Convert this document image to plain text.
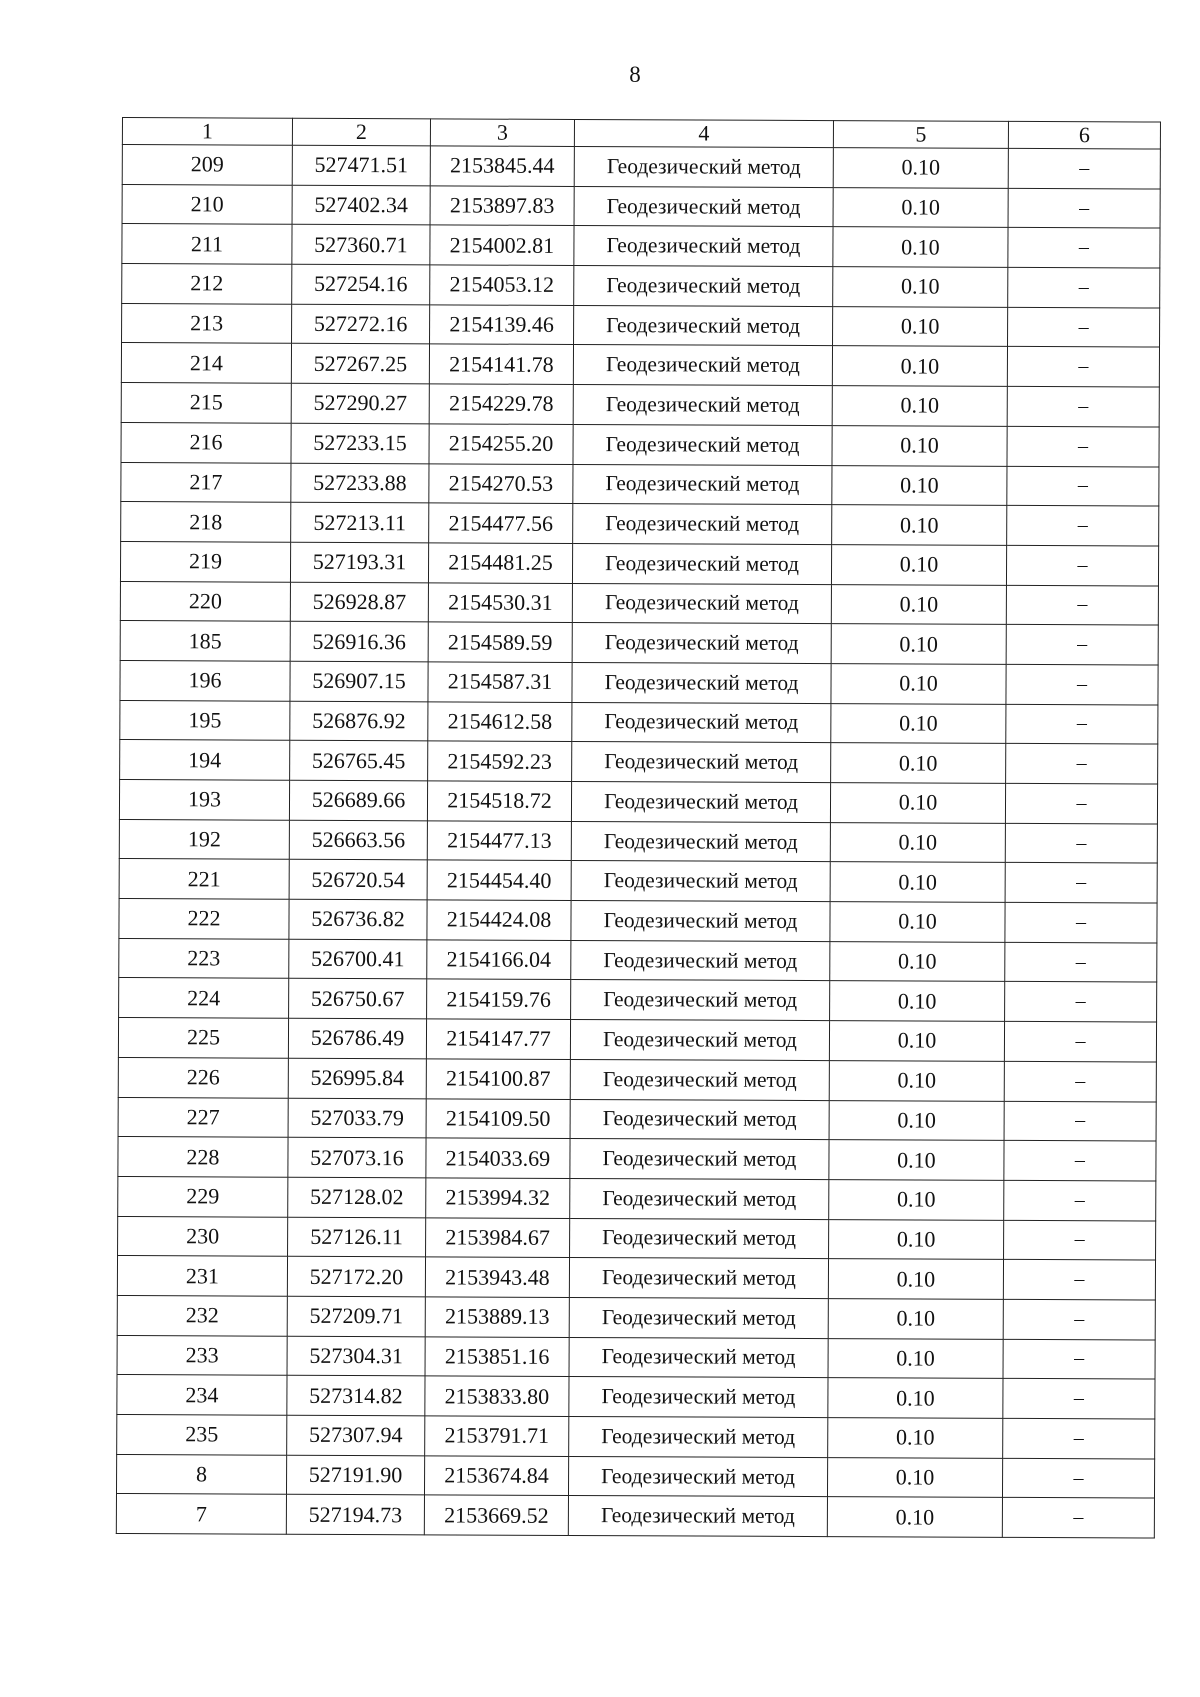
8
1	2	3	4	5	6
209	527471.51	2153845.44	Геодезический метод	0.10	–
210	527402.34	2153897.83	Геодезический метод	0.10	–
211	527360.71	2154002.81	Геодезический метод	0.10	–
212	527254.16	2154053.12	Геодезический метод	0.10	–
213	527272.16	2154139.46	Геодезический метод	0.10	–
214	527267.25	2154141.78	Геодезический метод	0.10	–
215	527290.27	2154229.78	Геодезический метод	0.10	–
216	527233.15	2154255.20	Геодезический метод	0.10	–
217	527233.88	2154270.53	Геодезический метод	0.10	–
218	527213.11	2154477.56	Геодезический метод	0.10	–
219	527193.31	2154481.25	Геодезический метод	0.10	–
220	526928.87	2154530.31	Геодезический метод	0.10	–
185	526916.36	2154589.59	Геодезический метод	0.10	–
196	526907.15	2154587.31	Геодезический метод	0.10	–
195	526876.92	2154612.58	Геодезический метод	0.10	–
194	526765.45	2154592.23	Геодезический метод	0.10	–
193	526689.66	2154518.72	Геодезический метод	0.10	–
192	526663.56	2154477.13	Геодезический метод	0.10	–
221	526720.54	2154454.40	Геодезический метод	0.10	–
222	526736.82	2154424.08	Геодезический метод	0.10	–
223	526700.41	2154166.04	Геодезический метод	0.10	–
224	526750.67	2154159.76	Геодезический метод	0.10	–
225	526786.49	2154147.77	Геодезический метод	0.10	–
226	526995.84	2154100.87	Геодезический метод	0.10	–
227	527033.79	2154109.50	Геодезический метод	0.10	–
228	527073.16	2154033.69	Геодезический метод	0.10	–
229	527128.02	2153994.32	Геодезический метод	0.10	–
230	527126.11	2153984.67	Геодезический метод	0.10	–
231	527172.20	2153943.48	Геодезический метод	0.10	–
232	527209.71	2153889.13	Геодезический метод	0.10	–
233	527304.31	2153851.16	Геодезический метод	0.10	–
234	527314.82	2153833.80	Геодезический метод	0.10	–
235	527307.94	2153791.71	Геодезический метод	0.10	–
8	527191.90	2153674.84	Геодезический метод	0.10	–
7	527194.73	2153669.52	Геодезический метод	0.10	–
